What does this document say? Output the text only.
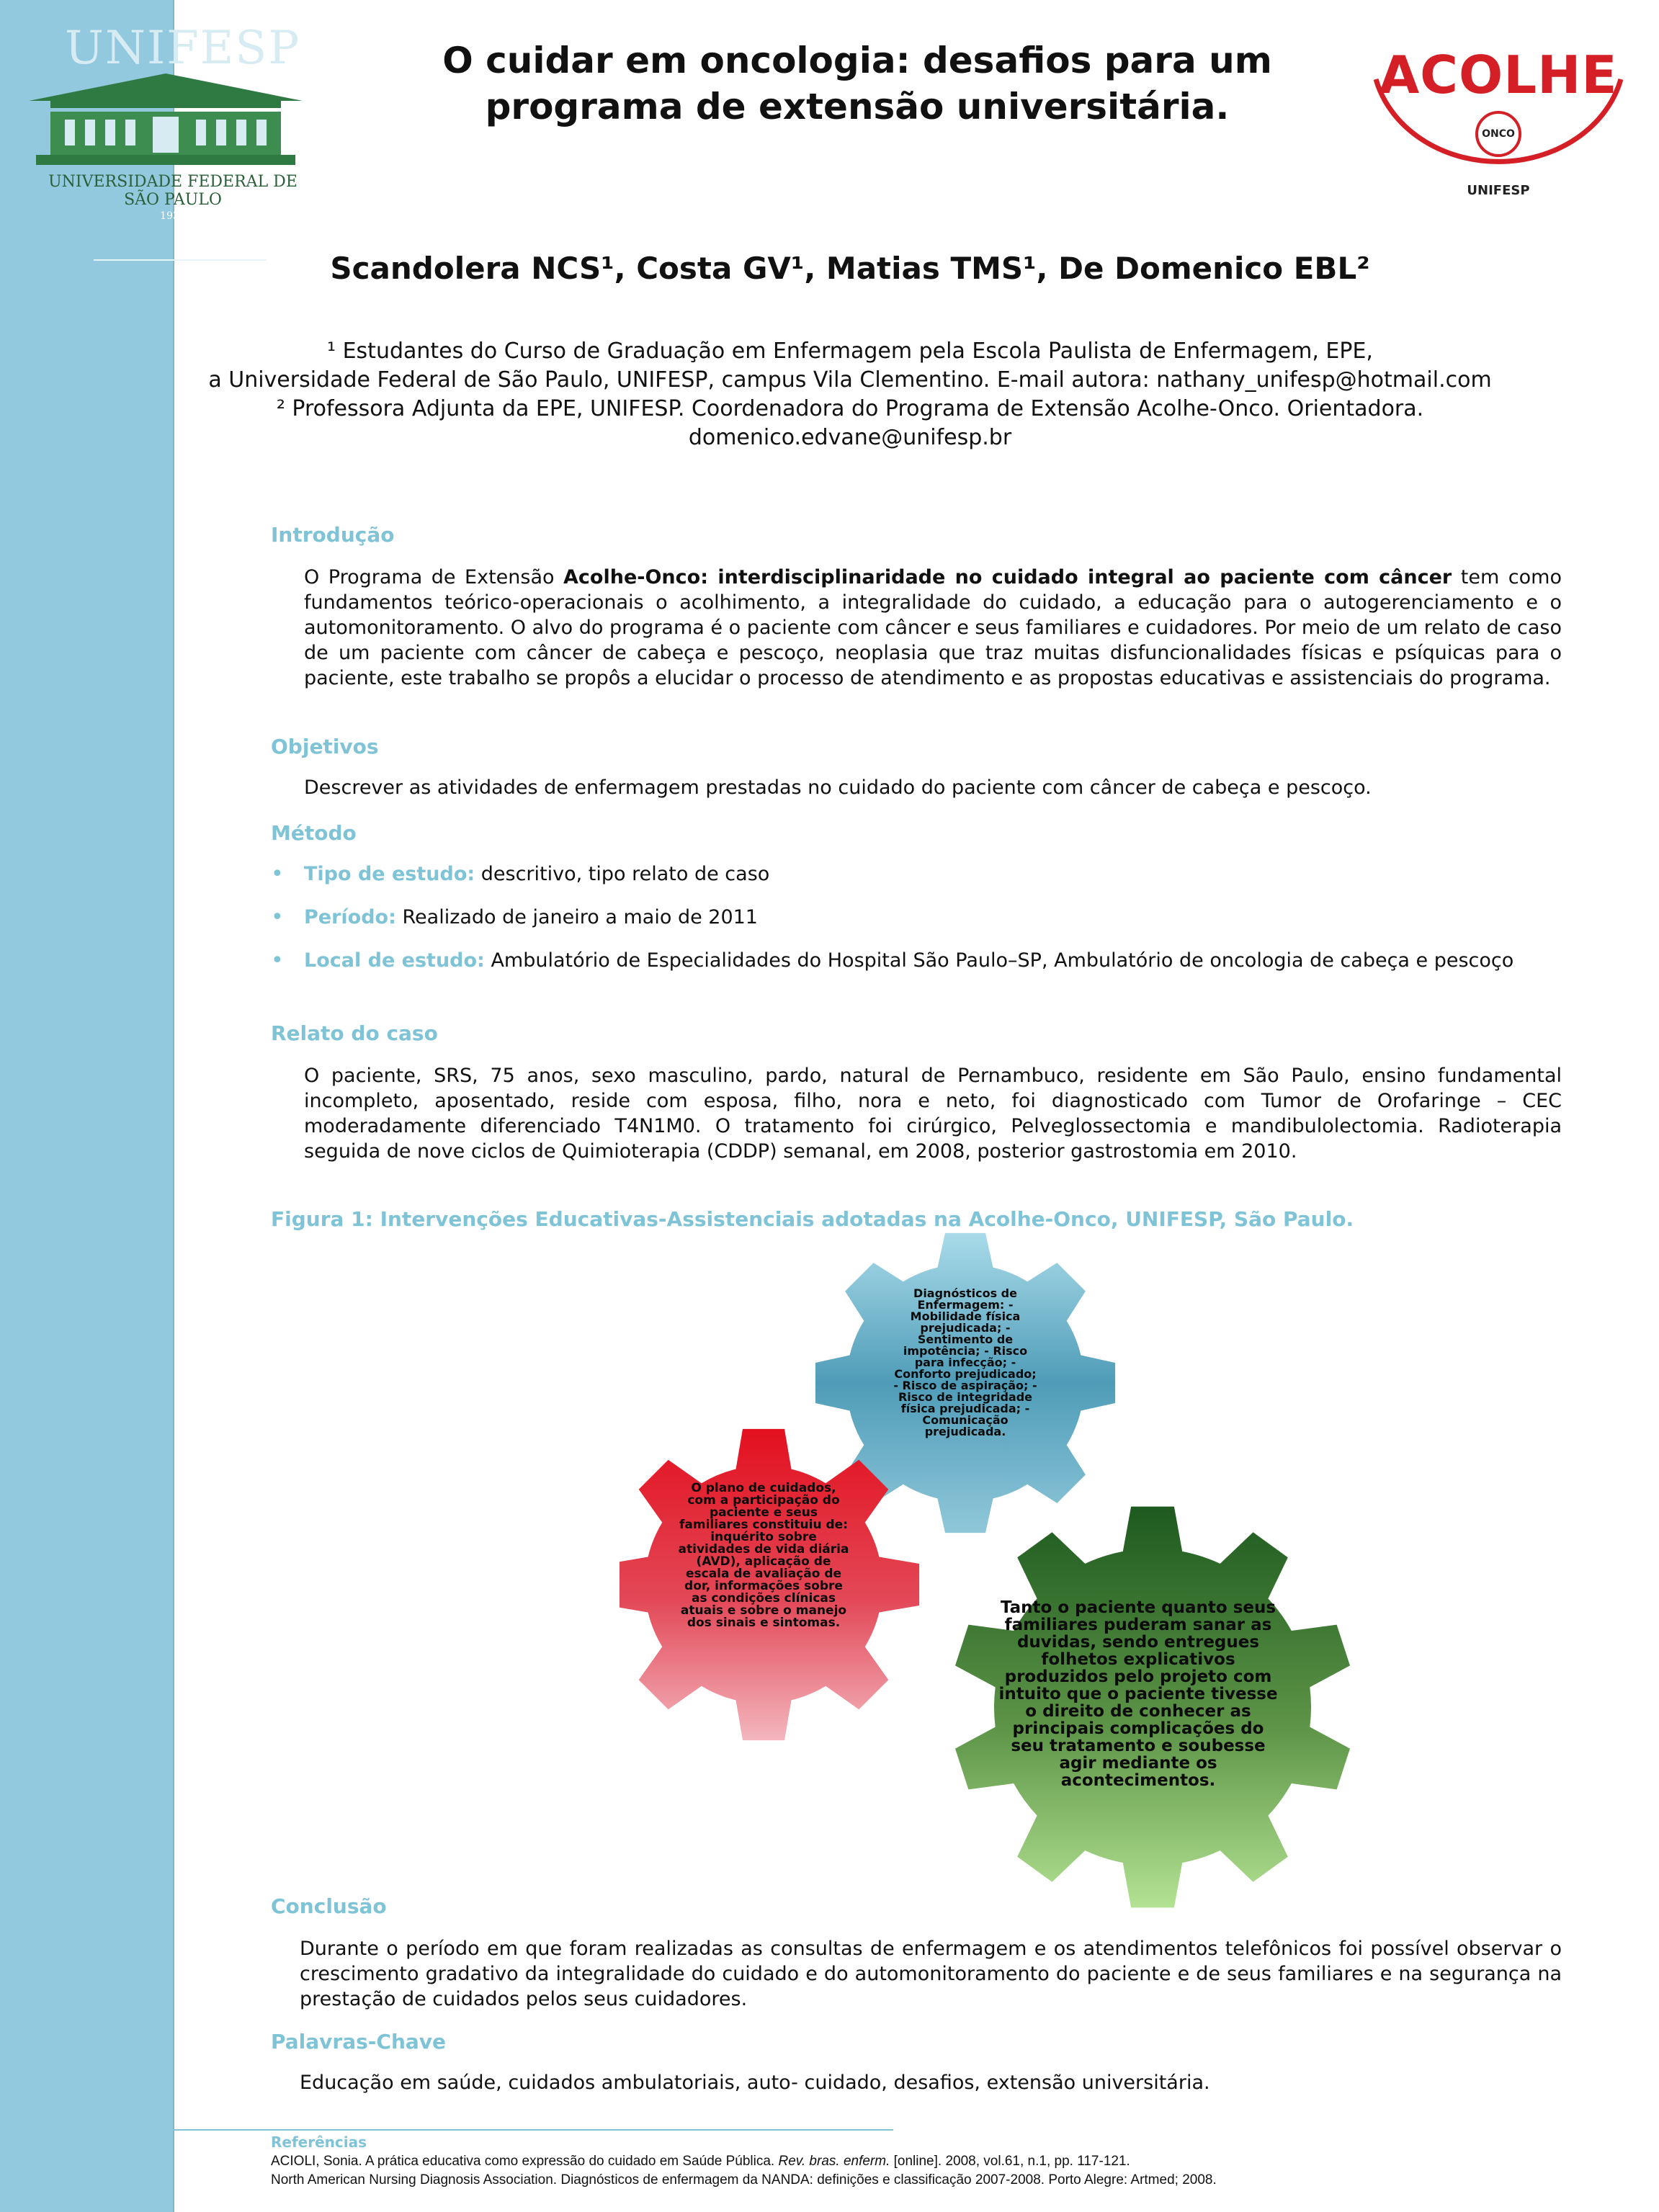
UNIFESP
UNIVERSIDADE FEDERAL DE SÃO PAULO
1933
ACOLHE
ONCO
UNIFESP
O cuidar em oncologia: desafios para um
programa de extensão universitária.
Scandolera NCS¹, Costa GV¹, Matias TMS¹, De Domenico EBL²
¹ Estudantes do Curso de Graduação em Enfermagem pela Escola Paulista de Enfermagem, EPE,
a Universidade Federal de São Paulo, UNIFESP, campus Vila Clementino. E-mail autora: nathany_unifesp@hotmail.com
² Professora Adjunta da EPE, UNIFESP. Coordenadora do Programa de Extensão Acolhe-Onco. Orientadora.
domenico.edvane@unifesp.br
Introdução
O Programa de Extensão Acolhe-Onco: interdisciplinaridade no cuidado integral ao paciente com câncer tem como fundamentos teórico-operacionais o acolhimento, a integralidade do cuidado, a educação para o autogerenciamento e o automonitoramento. O alvo do programa é o paciente com câncer e seus familiares e cuidadores. Por meio de um relato de caso de um paciente com câncer de cabeça e pescoço, neoplasia que traz muitas disfuncionalidades físicas e psíquicas para o paciente, este trabalho se propôs a elucidar o processo de atendimento e as propostas educativas e assistenciais do programa.
Objetivos
Descrever as atividades de enfermagem prestadas no cuidado do paciente com câncer de cabeça e pescoço.
Método
• Tipo de estudo: descritivo, tipo relato de caso
• Período: Realizado de janeiro a maio de 2011
• Local de estudo: Ambulatório de Especialidades do Hospital São Paulo–SP, Ambulatório de oncologia de cabeça e pescoço
Relato do caso
O paciente, SRS, 75 anos, sexo masculino, pardo, natural de Pernambuco, residente em São Paulo, ensino fundamental incompleto, aposentado, reside com esposa, filho, nora e neto, foi diagnosticado com Tumor de Orofaringe – CEC moderadamente diferenciado T4N1M0. O tratamento foi cirúrgico, Pelveglossectomia e mandibulolectomia. Radioterapia seguida de nove ciclos de Quimioterapia (CDDP) semanal, em 2008, posterior gastrostomia em 2010.
Figura 1: Intervenções Educativas-Assistenciais adotadas na Acolhe-Onco, UNIFESP, São Paulo.
Diagnósticos de Enfermagem: - Mobilidade física prejudicada; - Sentimento de impotência; - Risco para infecção; - Conforto prejudicado; - Risco de aspiração; - Risco de integridade física prejudicada; - Comunicação prejudicada.
O plano de cuidados, com a participação do paciente e seus familiares constituiu de: inquérito sobre atividades de vida diária (AVD), aplicação de escala de avaliação de dor, informações sobre as condições clínicas atuais e sobre o manejo dos sinais e sintomas.
Tanto o paciente quanto seus familiares puderam sanar as duvidas, sendo entregues folhetos explicativos produzidos pelo projeto com intuito que o paciente tivesse o direito de conhecer as principais complicações do seu tratamento e soubesse agir mediante os acontecimentos.
Conclusão
Durante o período em que foram realizadas as consultas de enfermagem e os atendimentos telefônicos foi possível observar o crescimento gradativo da integralidade do cuidado e do automonitoramento do paciente e de seus familiares e na segurança na prestação de cuidados pelos seus cuidadores.
Palavras-Chave
Educação em saúde, cuidados ambulatoriais, auto- cuidado, desafios, extensão universitária.
Referências
ACIOLI, Sonia. A prática educativa como expressão do cuidado em Saúde Pública. Rev. bras. enferm. [online]. 2008, vol.61, n.1, pp. 117-121.
North American Nursing Diagnosis Association. Diagnósticos de enfermagem da NANDA: definições e classificação 2007-2008. Porto Alegre: Artmed; 2008.
